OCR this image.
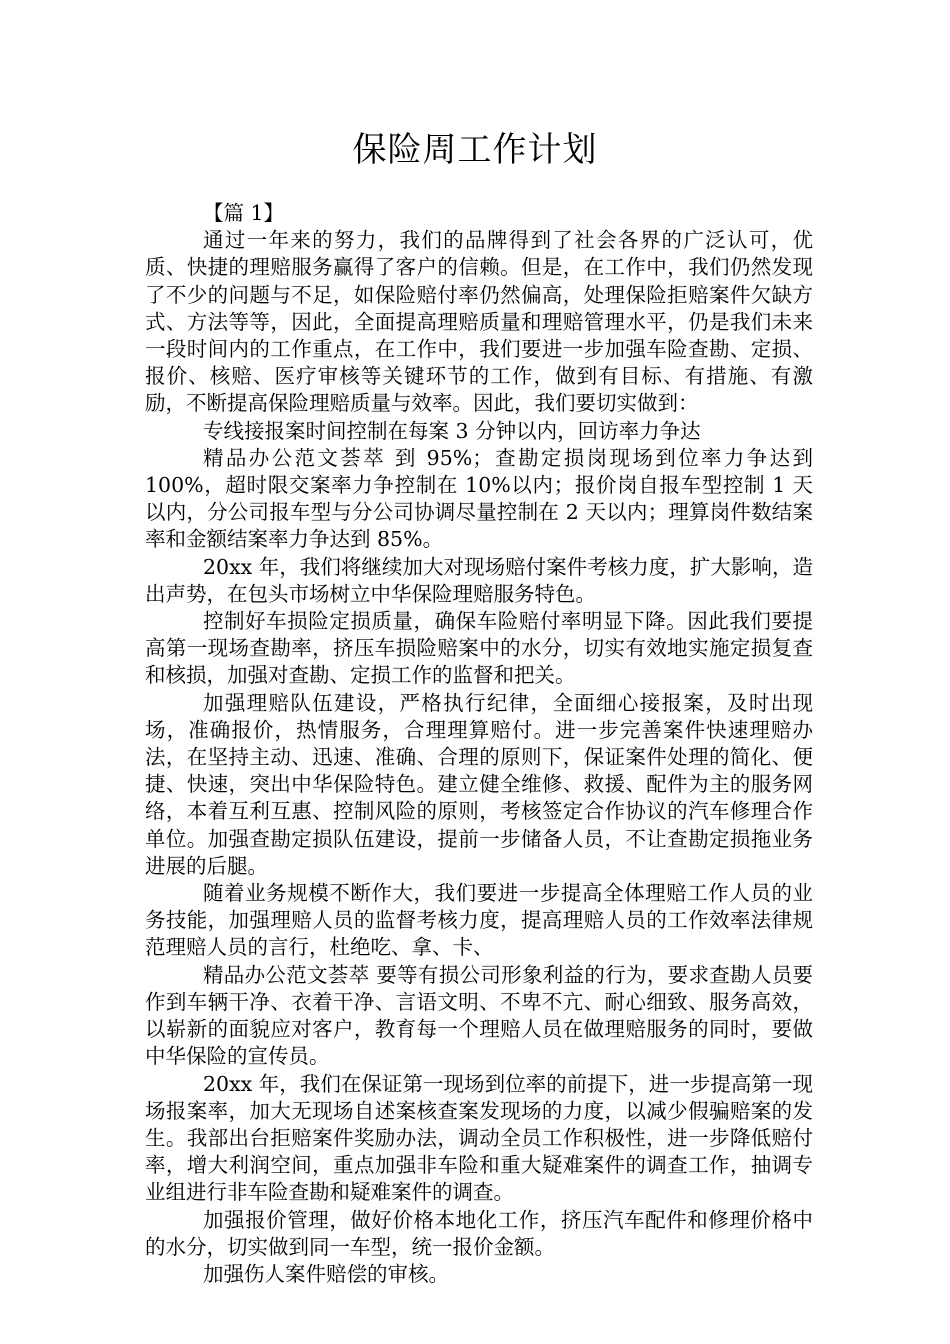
保险周工作计划

【篇 1】

通过一年来的努力，我们的品牌得到了社会各界的广泛认可，优质、快捷的理赔服务赢得了客户的信赖。但是，在工作中，我们仍然发现了不少的问题与不足，如保险赔付率仍然偏高，处理保险拒赔案件欠缺方式、方法等等，因此，全面提高理赔质量和理赔管理水平，仍是我们未来一段时间内的工作重点，在工作中，我们要进一步加强车险查勘、定损、报价、核赔、医疗审核等关键环节的工作，做到有目标、有措施、有激励，不断提高保险理赔质量与效率。因此，我们要切实做到：

专线接报案时间控制在每案 3 分钟以内，回访率力争达

精品办公范文荟萃 到 95%；查勘定损岗现场到位率力争达到 100%，超时限交案率力争控制在 10%以内；报价岗自报车型控制 1 天以内，分公司报车型与分公司协调尽量控制在 2 天以内；理算岗件数结案率和金额结案率力争达到 85%。

20xx 年，我们将继续加大对现场赔付案件考核力度，扩大影响，造出声势，在包头市场树立中华保险理赔服务特色。

控制好车损险定损质量，确保车险赔付率明显下降。因此我们要提高第一现场查勘率，挤压车损险赔案中的水分，切实有效地实施定损复查和核损，加强对查勘、定损工作的监督和把关。

加强理赔队伍建设，严格执行纪律，全面细心接报案，及时出现场，准确报价，热情服务，合理理算赔付。进一步完善案件快速理赔办法，在坚持主动、迅速、准确、合理的原则下，保证案件处理的简化、便捷、快速，突出中华保险特色。建立健全维修、救援、配件为主的服务网络，本着互利互惠、控制风险的原则，考核签定合作协议的汽车修理合作单位。加强查勘定损队伍建设，提前一步储备人员，不让查勘定损拖业务进展的后腿。

随着业务规模不断作大，我们要进一步提高全体理赔工作人员的业务技能，加强理赔人员的监督考核力度，提高理赔人员的工作效率法律规范理赔人员的言行，杜绝吃、拿、卡、

精品办公范文荟萃 要等有损公司形象利益的行为，要求查勘人员要作到车辆干净、衣着干净、言语文明、不卑不亢、耐心细致、服务高效，以崭新的面貌应对客户，教育每一个理赔人员在做理赔服务的同时，要做中华保险的宣传员。

20xx 年，我们在保证第一现场到位率的前提下，进一步提高第一现场报案率，加大无现场自述案核查案发现场的力度，以减少假骗赔案的发生。我部出台拒赔案件奖励办法，调动全员工作积极性，进一步降低赔付率，增大利润空间，重点加强非车险和重大疑难案件的调查工作，抽调专业组进行非车险查勘和疑难案件的调查。

加强报价管理，做好价格本地化工作，挤压汽车配件和修理价格中的水分，切实做到同一车型，统一报价金额。

加强伤人案件赔偿的审核。
